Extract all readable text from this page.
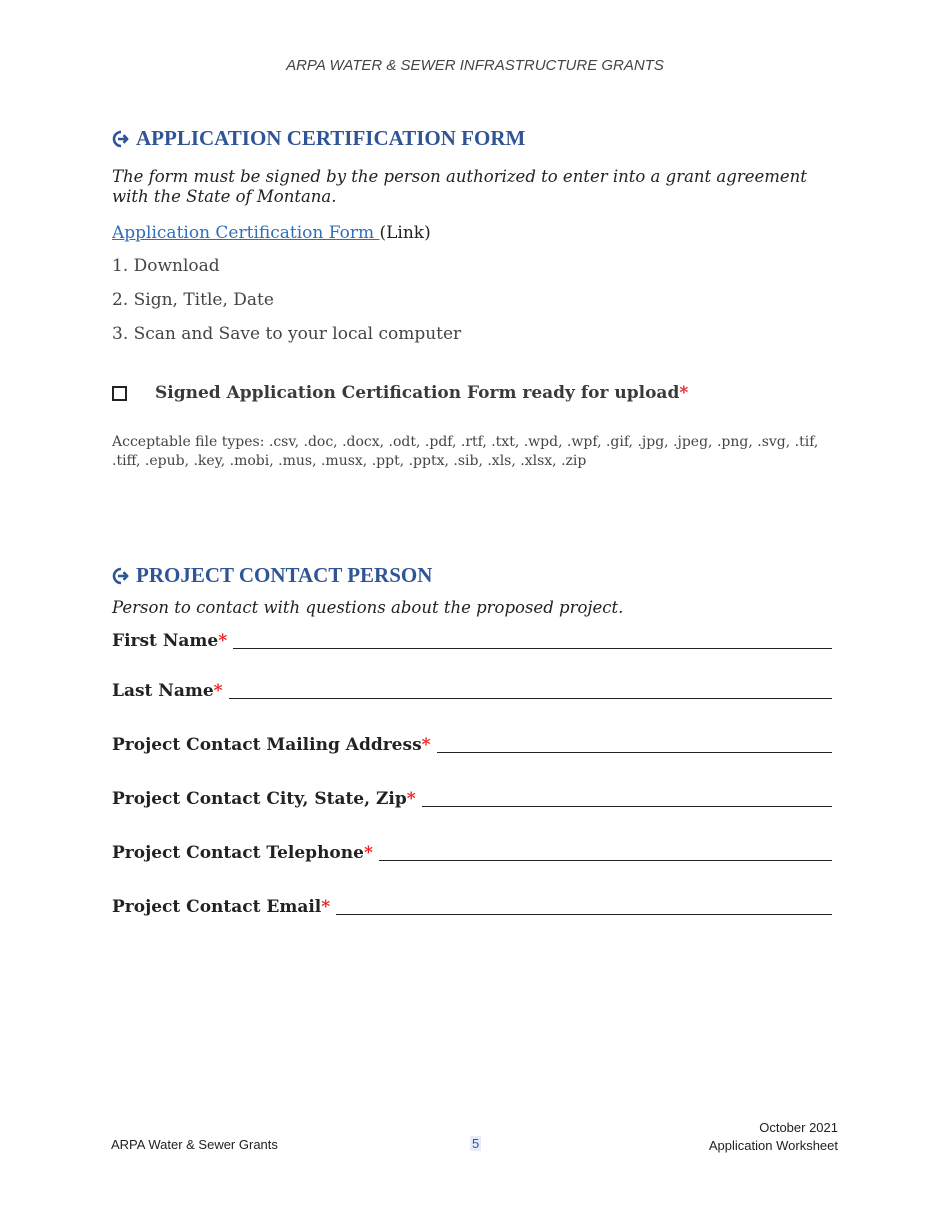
ARPA WATER & SEWER INFRASTRUCTURE GRANTS
APPLICATION CERTIFICATION FORM

The form must be signed by the person authorized to enter into a grant agreement with the State of Montana.

Application Certification Form (Link)
1. Download
2. Sign, Title, Date
3. Scan and Save to your local computer
Signed Application Certification Form ready for upload*
Acceptable file types: .csv, .doc, .docx, .odt, .pdf, .rtf, .txt, .wpd, .wpf, .gif, .jpg, .jpeg, .png, .svg, .tif, .tiff, .epub, .key, .mobi, .mus, .musx, .ppt, .pptx, .sib, .xls, .xlsx, .zip
PROJECT CONTACT PERSON

Person to contact with questions about the proposed project.

First Name*
Last Name*
Project Contact Mailing Address*
Project Contact City, State, Zip*
Project Contact Telephone*
Project Contact Email*
ARPA Water & Sewer Grants	5
October 2021
Application Worksheet
